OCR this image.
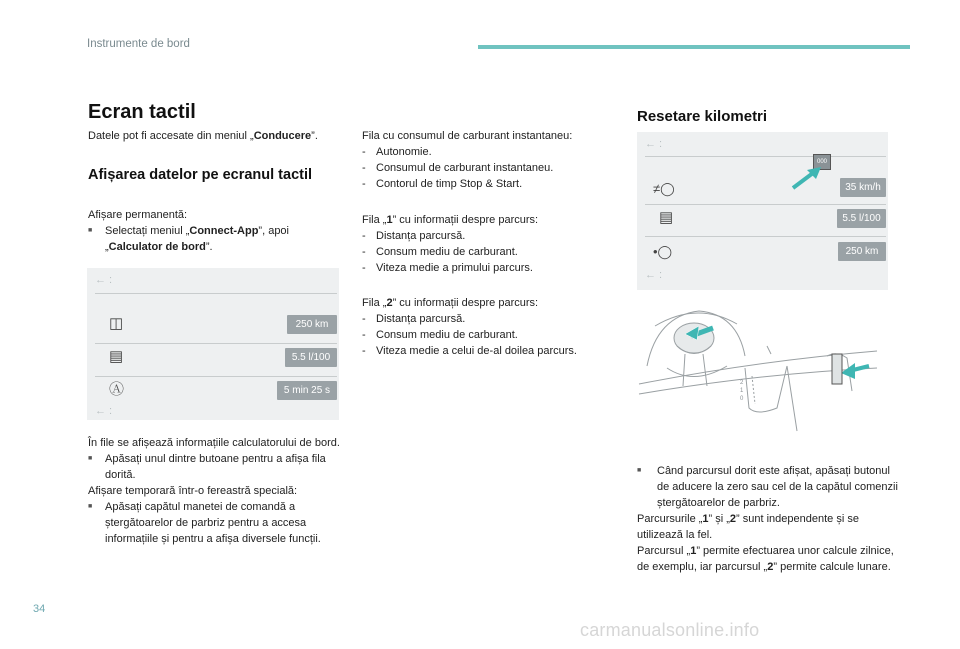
Instrumente de bord
Ecran tactil
Datele pot fi accesate din meniul „Conducere”.
Afișarea datelor pe ecranul tactil
Afișare permanentă:
■ Selectați meniul „Connect-App”, apoi
„Calculator de bord”.
← :
◫	250 km
▤	5.5 l/100
Ⓐ	5 min 25 s
← :
În file se afișează informațiile calculatorului de bord.
■ Apăsați unul dintre butoane pentru a afișa fila dorită.
Afișare temporară într-o fereastră specială:
■ Apăsați capătul manetei de comandă a ștergătoarelor de parbriz pentru a accesa informațiile și pentru a afișa diversele funcții.
Fila cu consumul de carburant instantaneu:
- Autonomie.
- Consumul de carburant instantaneu.
- Contorul de timp Stop & Start.
Fila „1” cu informații despre parcurs:
- Distanța parcursă.
- Consum mediu de carburant.
- Viteza medie a primului parcurs.
Fila „2” cu informații despre parcurs:
- Distanța parcursă.
- Consum mediu de carburant.
- Viteza medie a celui de-al doilea parcurs.
Resetare kilometri
← :
000
≠◯	35 km/h
▤	5.5 l/100
•◯	250 km
← :
2
1
0
■ Când parcursul dorit este afișat, apăsați butonul de aducere la zero sau cel de la capătul comenzii ștergătoarelor de parbriz.
Parcursurile „1” și „2” sunt independente și se utilizează la fel.
Parcursul „1” permite efectuarea unor calcule zilnice, de exemplu, iar parcursul „2” permite calcule lunare.
34
carmanualsonline.info
